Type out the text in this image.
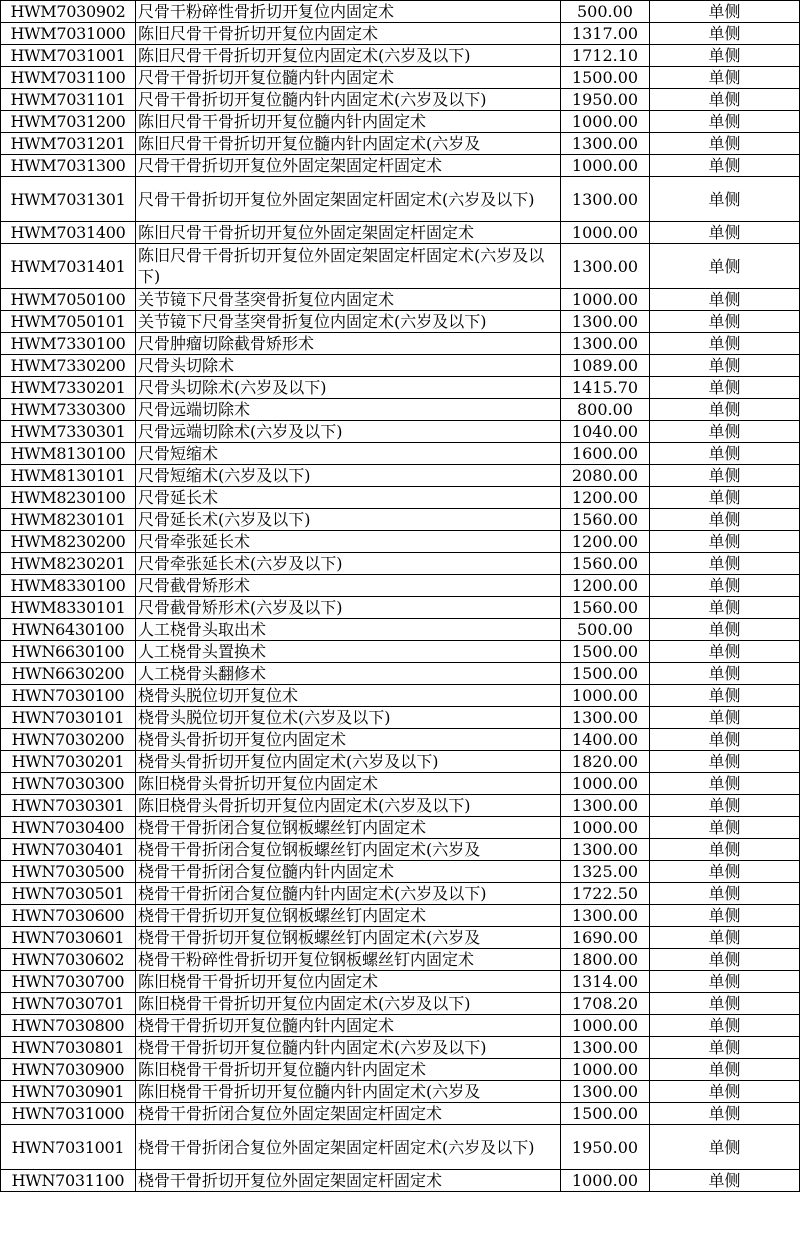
HWM7030902	尺骨干粉碎性骨折切开复位内固定术	500.00	单侧
HWM7031000	陈旧尺骨干骨折切开复位内固定术	1317.00	单侧
HWM7031001	陈旧尺骨干骨折切开复位内固定术(六岁及以下)	1712.10	单侧
HWM7031100	尺骨干骨折切开复位髓内针内固定术	1500.00	单侧
HWM7031101	尺骨干骨折切开复位髓内针内固定术(六岁及以下)	1950.00	单侧
HWM7031200	陈旧尺骨干骨折切开复位髓内针内固定术	1000.00	单侧
HWM7031201	陈旧尺骨干骨折切开复位髓内针内固定术(六岁及	1300.00	单侧
HWM7031300	尺骨干骨折切开复位外固定架固定杆固定术	1000.00	单侧
HWM7031301	尺骨干骨折切开复位外固定架固定杆固定术(六岁及以下)	1300.00	单侧
HWM7031400	陈旧尺骨干骨折切开复位外固定架固定杆固定术	1000.00	单侧
HWM7031401	陈旧尺骨干骨折切开复位外固定架固定杆固定术(六岁及以下)	1300.00	单侧
HWM7050100	关节镜下尺骨茎突骨折复位内固定术	1000.00	单侧
HWM7050101	关节镜下尺骨茎突骨折复位内固定术(六岁及以下)	1300.00	单侧
HWM7330100	尺骨肿瘤切除截骨矫形术	1300.00	单侧
HWM7330200	尺骨头切除术	1089.00	单侧
HWM7330201	尺骨头切除术(六岁及以下)	1415.70	单侧
HWM7330300	尺骨远端切除术	800.00	单侧
HWM7330301	尺骨远端切除术(六岁及以下)	1040.00	单侧
HWM8130100	尺骨短缩术	1600.00	单侧
HWM8130101	尺骨短缩术(六岁及以下)	2080.00	单侧
HWM8230100	尺骨延长术	1200.00	单侧
HWM8230101	尺骨延长术(六岁及以下)	1560.00	单侧
HWM8230200	尺骨牵张延长术	1200.00	单侧
HWM8230201	尺骨牵张延长术(六岁及以下)	1560.00	单侧
HWM8330100	尺骨截骨矫形术	1200.00	单侧
HWM8330101	尺骨截骨矫形术(六岁及以下)	1560.00	单侧
HWN6430100	人工桡骨头取出术	500.00	单侧
HWN6630100	人工桡骨头置换术	1500.00	单侧
HWN6630200	人工桡骨头翻修术	1500.00	单侧
HWN7030100	桡骨头脱位切开复位术	1000.00	单侧
HWN7030101	桡骨头脱位切开复位术(六岁及以下)	1300.00	单侧
HWN7030200	桡骨头骨折切开复位内固定术	1400.00	单侧
HWN7030201	桡骨头骨折切开复位内固定术(六岁及以下)	1820.00	单侧
HWN7030300	陈旧桡骨头骨折切开复位内固定术	1000.00	单侧
HWN7030301	陈旧桡骨头骨折切开复位内固定术(六岁及以下)	1300.00	单侧
HWN7030400	桡骨干骨折闭合复位钢板螺丝钉内固定术	1000.00	单侧
HWN7030401	桡骨干骨折闭合复位钢板螺丝钉内固定术(六岁及	1300.00	单侧
HWN7030500	桡骨干骨折闭合复位髓内针内固定术	1325.00	单侧
HWN7030501	桡骨干骨折闭合复位髓内针内固定术(六岁及以下)	1722.50	单侧
HWN7030600	桡骨干骨折切开复位钢板螺丝钉内固定术	1300.00	单侧
HWN7030601	桡骨干骨折切开复位钢板螺丝钉内固定术(六岁及	1690.00	单侧
HWN7030602	桡骨干粉碎性骨折切开复位钢板螺丝钉内固定术	1800.00	单侧
HWN7030700	陈旧桡骨干骨折切开复位内固定术	1314.00	单侧
HWN7030701	陈旧桡骨干骨折切开复位内固定术(六岁及以下)	1708.20	单侧
HWN7030800	桡骨干骨折切开复位髓内针内固定术	1000.00	单侧
HWN7030801	桡骨干骨折切开复位髓内针内固定术(六岁及以下)	1300.00	单侧
HWN7030900	陈旧桡骨干骨折切开复位髓内针内固定术	1000.00	单侧
HWN7030901	陈旧桡骨干骨折切开复位髓内针内固定术(六岁及	1300.00	单侧
HWN7031000	桡骨干骨折闭合复位外固定架固定杆固定术	1500.00	单侧
HWN7031001	桡骨干骨折闭合复位外固定架固定杆固定术(六岁及以下)	1950.00	单侧
HWN7031100	桡骨干骨折切开复位外固定架固定杆固定术	1000.00	单侧
